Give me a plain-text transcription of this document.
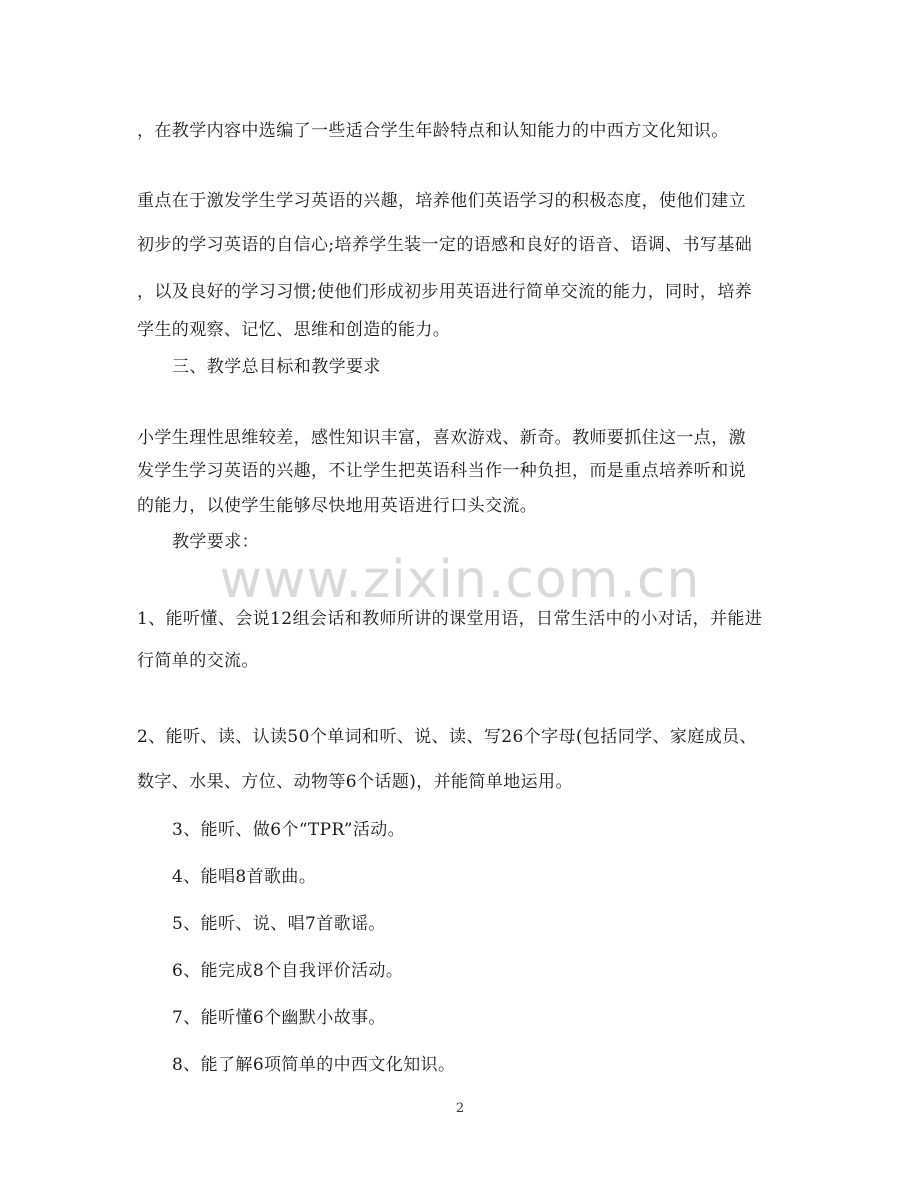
，在教学内容中选编了一些适合学生年龄特点和认知能力的中西方文化知识。
重点在于激发学生学习英语的兴趣，培养他们英语学习的积极态度，使他们建立
初步的学习英语的自信心;培养学生装一定的语感和良好的语音、语调、书写基础
，以及良好的学习习惯;使他们形成初步用英语进行简单交流的能力，同时，培养
学生的观察、记忆、思维和创造的能力。
三、教学总目标和教学要求
小学生理性思维较差，感性知识丰富，喜欢游戏、新奇。教师要抓住这一点，激
发学生学习英语的兴趣，不让学生把英语科当作一种负担，而是重点培养听和说
的能力，以使学生能够尽快地用英语进行口头交流。
教学要求：
www.zixin.com.cn
1、能听懂、会说12组会话和教师所讲的课堂用语，日常生活中的小对话，并能进
行简单的交流。
2、能听、读、认读50个单词和听、说、读、写26个字母(包括同学、家庭成员、
数字、水果、方位、动物等6个话题)，并能简单地运用。
3、能听、做6个“TPR”活动。
4、能唱8首歌曲。
5、能听、说、唱7首歌谣。
6、能完成8个自我评价活动。
7、能听懂6个幽默小故事。
8、能了解6项简单的中西文化知识。
2
